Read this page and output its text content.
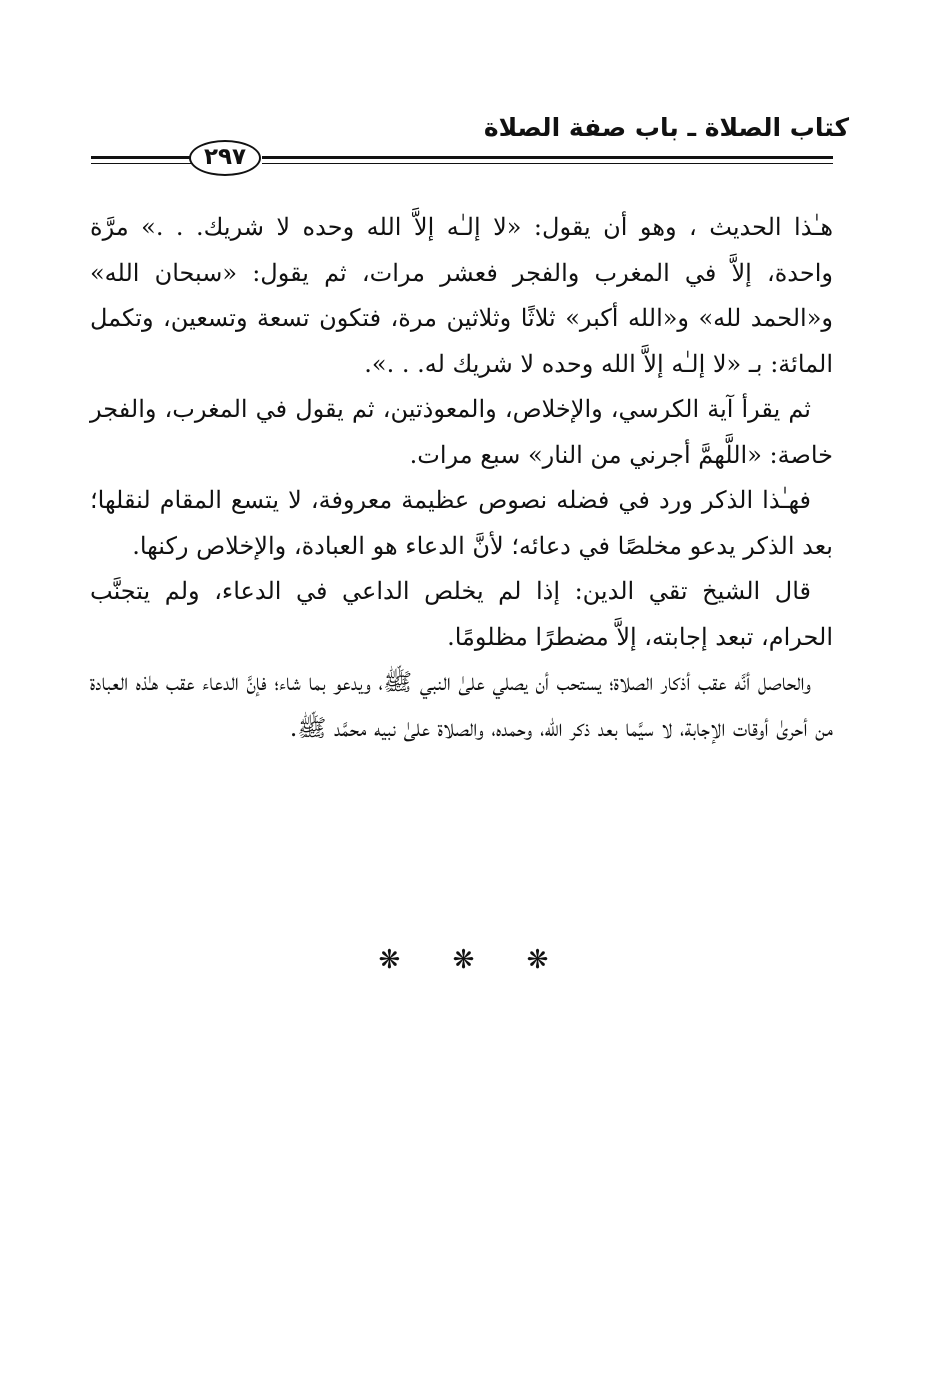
كتاب الصلاة ـ باب صفة الصلاة
٢٩٧

هـٰذا الحديث ، وهو أن يقول: «لا إلـٰه إلاَّ الله وحده لا شريك. . .» مرَّة واحدة، إلاَّ في المغرب والفجر فعشر مرات، ثم يقول: «سبحان الله» و«الحمد لله» و«الله أكبر» ثلاثًا وثلاثين مرة، فتكون تسعة وتسعين، وتكمل المائة: بـ «لا إلـٰه إلاَّ الله وحده لا شريك له. . .».

ثم يقرأ آية الكرسي، والإخلاص، والمعوذتين، ثم يقول في المغرب، والفجر خاصة: «اللَّهمَّ أجرني من النار» سبع مرات.

فهـٰذا الذكر ورد في فضله نصوص عظيمة معروفة، لا يتسع المقام لنقلها؛ بعد الذكر يدعو مخلصًا في دعائه؛ لأنَّ الدعاء هو العبادة، والإخلاص ركنها.

قال الشيخ تقي الدين: إذا لم يخلص الداعي في الدعاء، ولم يتجنَّب الحرام، تبعد إجابته، إلاَّ مضطرًا مظلومًا.

والحاصل أنَّه عقب أذكار الصلاة؛ يستحب أن يصلي علىٰ النبي ﷺ، ويدعو بما شاء؛ فإنَّ الدعاء عقب هـٰذه العبادة من أحرىٰ أوقات الإجابة، لا سيَّما بعد ذكر الله، وحمده، والصلاة علىٰ نبيه محمَّد ﷺ.

❋ ❋ ❋
